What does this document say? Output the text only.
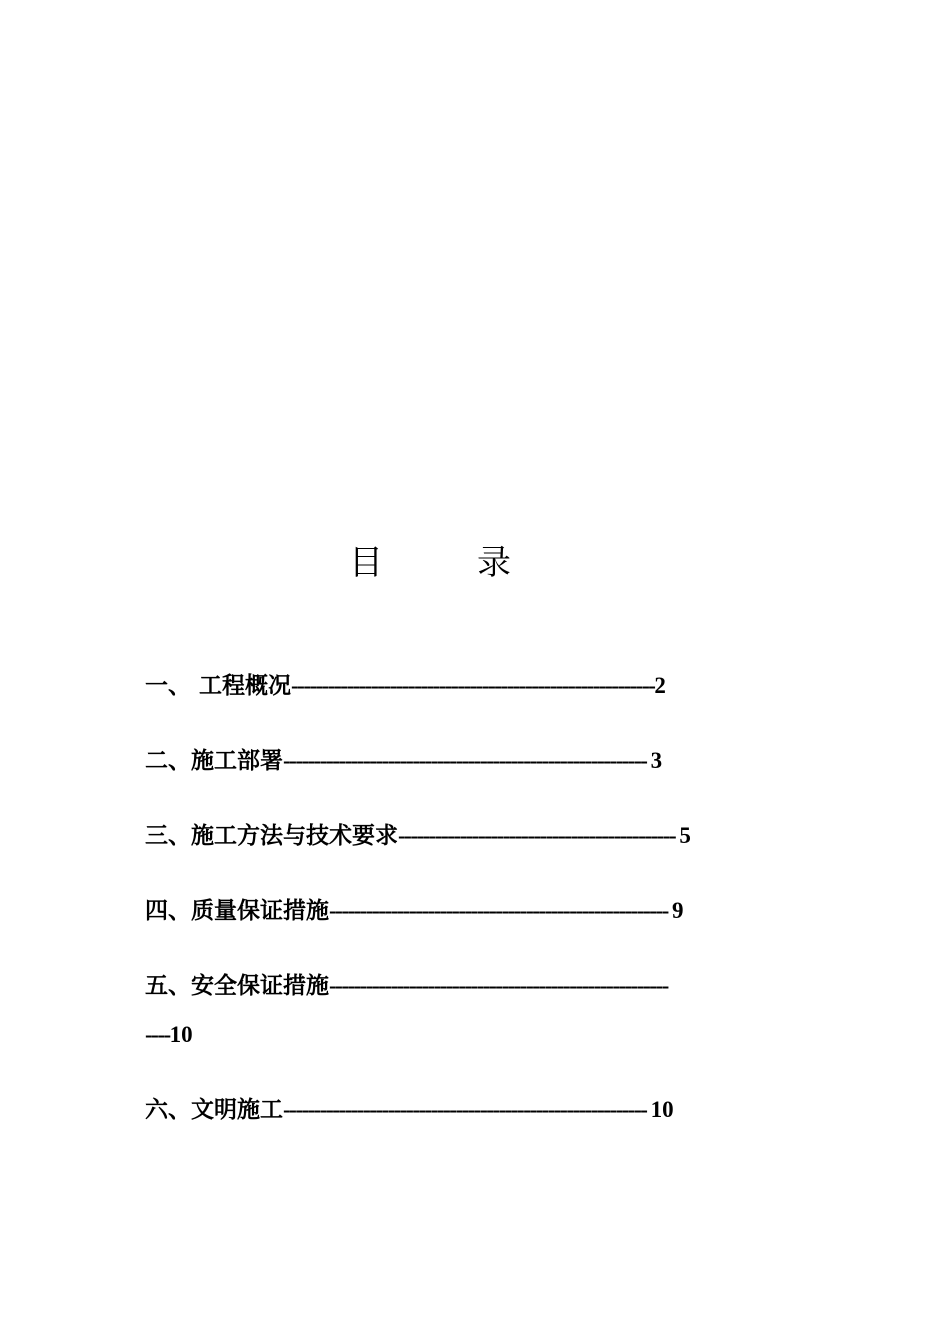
目　录
一、 工程概况-----------------------------------------------------------2
二、施工部署----------------------------------------------------------- 3
三、施工方法与技术要求--------------------------------------------- 5
四、质量保证措施------------------------------------------------------- 9
五、安全保证措施-------------------------------------------------------
----10
六、文明施工----------------------------------------------------------- 10
